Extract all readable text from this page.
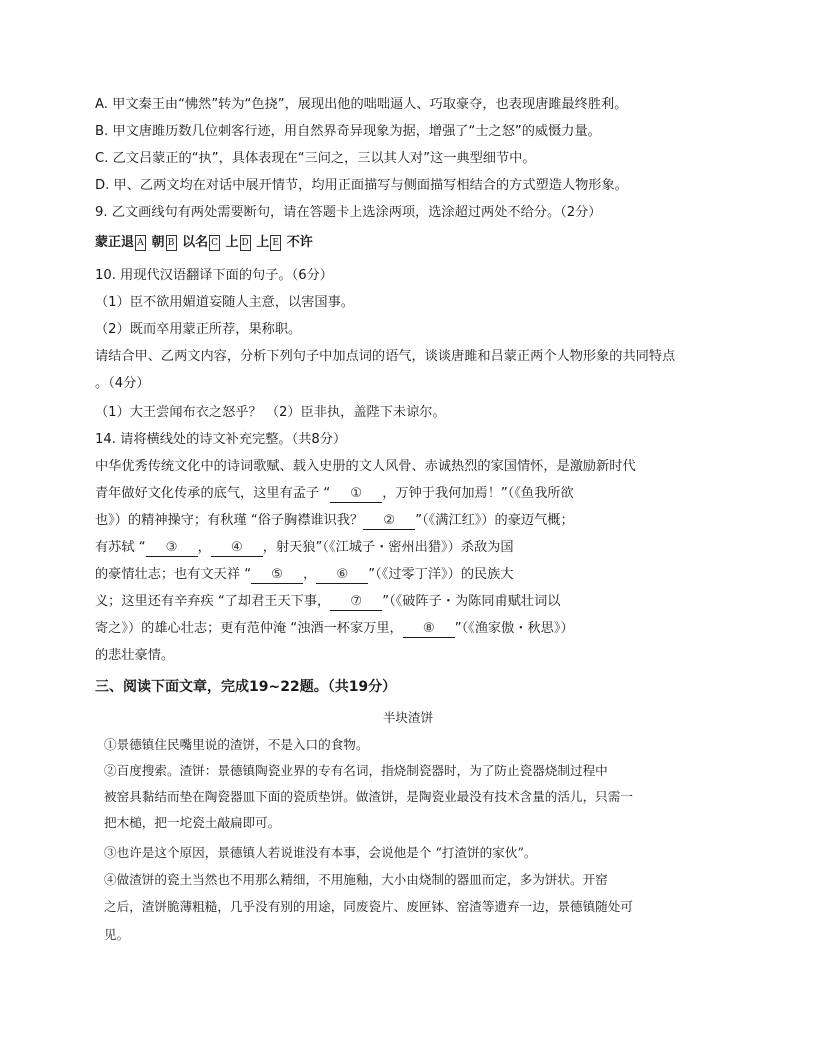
A. 甲文秦王由“怫然”转为“色挠”，展现出他的咄咄逼人、巧取豪夺，也表现唐雎最终胜利。
B. 甲文唐雎历数几位刺客行迹，用自然界奇异现象为据，增强了“士之怒”的威慑力量。
C. 乙文吕蒙正的“执”，具体表现在“三问之，三以其人对”这一典型细节中。
D. 甲、乙两文均在对话中展开情节，均用正面描写与侧面描写相结合的方式塑造人物形象。
9. 乙文画线句有两处需要断句，请在答题卡上选涂两项，选涂超过两处不给分。（2分）
蒙正退 A 朝 B 以名 C 上 D 上 E 不许
10. 用现代汉语翻译下面的句子。（6分）
（1）臣不欲用媚道妄随人主意，以害国事。
（2）既而卒用蒙正所荐，果称职。
请结合甲、乙两文内容，分析下列句子中加点词的语气，谈谈唐雎和吕蒙正两个人物形象的共同特点
。（4分）
（1）大王尝闻布衣之怒乎？ （2）臣非执，盖陛下未谅尔。
14. 请将横线处的诗文补充完整。（共8分）
中华优秀传统文化中的诗词歌赋、载入史册的文人风骨、赤诚热烈的家国情怀，是激励新时代
青年做好文化传承的底气，这里有孟子 “ ① ，万钟于我何加焉！”（《鱼我所欲
也》）的精神操守；有秋瑾 “俗子胸襟谁识我？ ② ”（《满江红》）的豪迈气概；
有苏轼 “ ③ ， ④ ，射天狼”（《江城子・密州出猎》）杀敌为国
的豪情壮志；也有文天祥 “ ⑤ ， ⑥ ”（《过零丁洋》）的民族大
义；这里还有辛弃疾 “了却君王天下事， ⑦ ”（《破阵子・为陈同甫赋壮词以
寄之》）的雄心壮志；更有范仲淹 “浊酒一杯家万里， ⑧ ”（《渔家傲・秋思》）
的悲壮豪情。
三、阅读下面文章，完成19~22题。（共19分）
半块渣饼
①景德镇住民嘴里说的渣饼，不是入口的食物。
②百度搜索。渣饼：景德镇陶瓷业界的专有名词，指烧制瓷器时，为了防止瓷器烧制过程中
被窑具黏结而垫在陶瓷器皿下面的瓷质垫饼。做渣饼，是陶瓷业最没有技术含量的活儿，只需一
把木槌，把一坨瓷土敲扁即可。
③也许是这个原因，景德镇人若说谁没有本事，会说他是个 “打渣饼的家伙”。
④做渣饼的瓷土当然也不用那么精细，不用施釉，大小由烧制的器皿而定，多为饼状。开窑
之后，渣饼脆薄粗糙，几乎没有别的用途，同废瓷片、废匣钵、窑渣等遗弃一边，景德镇随处可
见。
